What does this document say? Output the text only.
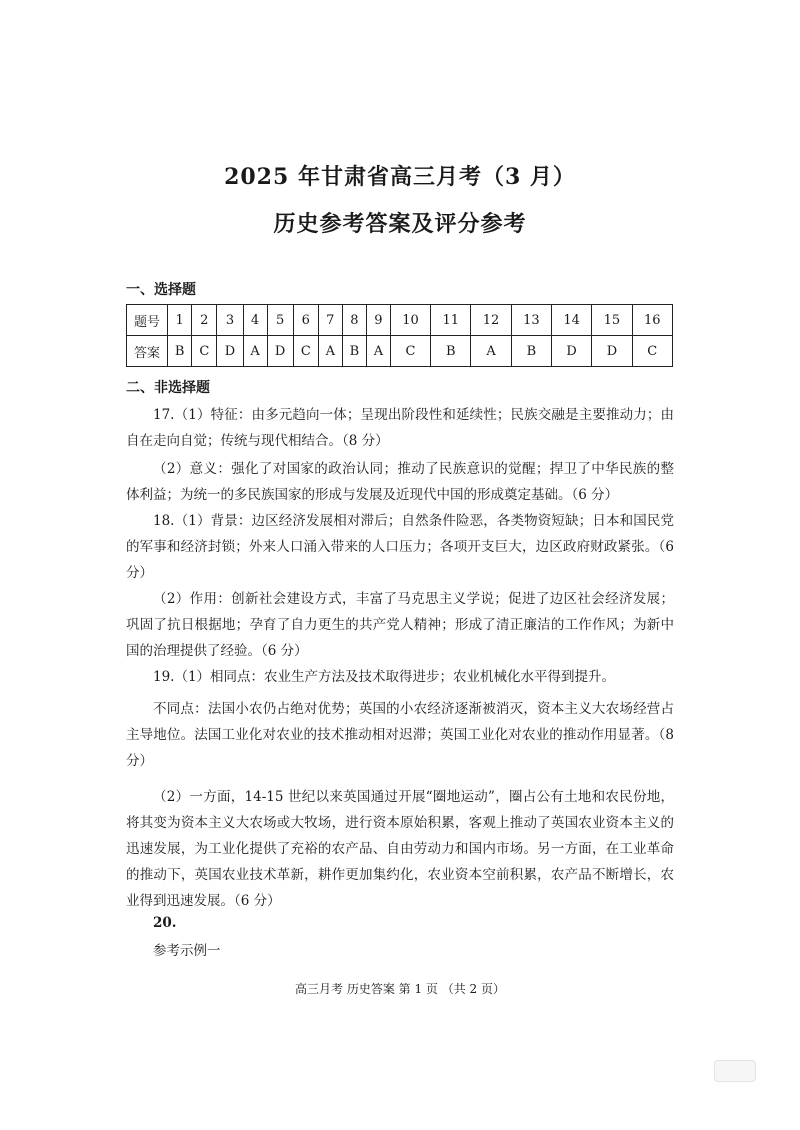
2025 年甘肃省高三月考（3 月）
历史参考答案及评分参考
一、选择题
题号	1	2	3	4	5	6	7	8	9	10	11	12	13	14	15	16
答案	B	C	D	A	D	C	A	B	A	C	B	A	B	D	D	C
二、非选择题
17.（1）特征：由多元趋向一体；呈现出阶段性和延续性；民族交融是主要推动力；由自在走向自觉；传统与现代相结合。（8 分）
（2）意义：强化了对国家的政治认同；推动了民族意识的觉醒；捍卫了中华民族的整体利益；为统一的多民族国家的形成与发展及近现代中国的形成奠定基础。（6 分）
18.（1）背景：边区经济发展相对滞后；自然条件险恶，各类物资短缺；日本和国民党的军事和经济封锁；外来人口涌入带来的人口压力；各项开支巨大，边区政府财政紧张。（6 分）
（2）作用：创新社会建设方式，丰富了马克思主义学说；促进了边区社会经济发展；巩固了抗日根据地；孕育了自力更生的共产党人精神；形成了清正廉洁的工作作风；为新中国的治理提供了经验。（6 分）
19.（1）相同点：农业生产方法及技术取得进步；农业机械化水平得到提升。
不同点：法国小农仍占绝对优势；英国的小农经济逐渐被消灭，资本主义大农场经营占主导地位。法国工业化对农业的技术推动相对迟滞；英国工业化对农业的推动作用显著。（8 分）
（2）一方面，14-15 世纪以来英国通过开展“圈地运动”，圈占公有土地和农民份地，将其变为资本主义大农场或大牧场，进行资本原始积累，客观上推动了英国农业资本主义的迅速发展，为工业化提供了充裕的农产品、自由劳动力和国内市场。另一方面，在工业革命的推动下，英国农业技术革新，耕作更加集约化，农业资本空前积累，农产品不断增长，农业得到迅速发展。（6 分）
20.
参考示例一
高三月考 历史答案 第 1 页 （共 2 页）
